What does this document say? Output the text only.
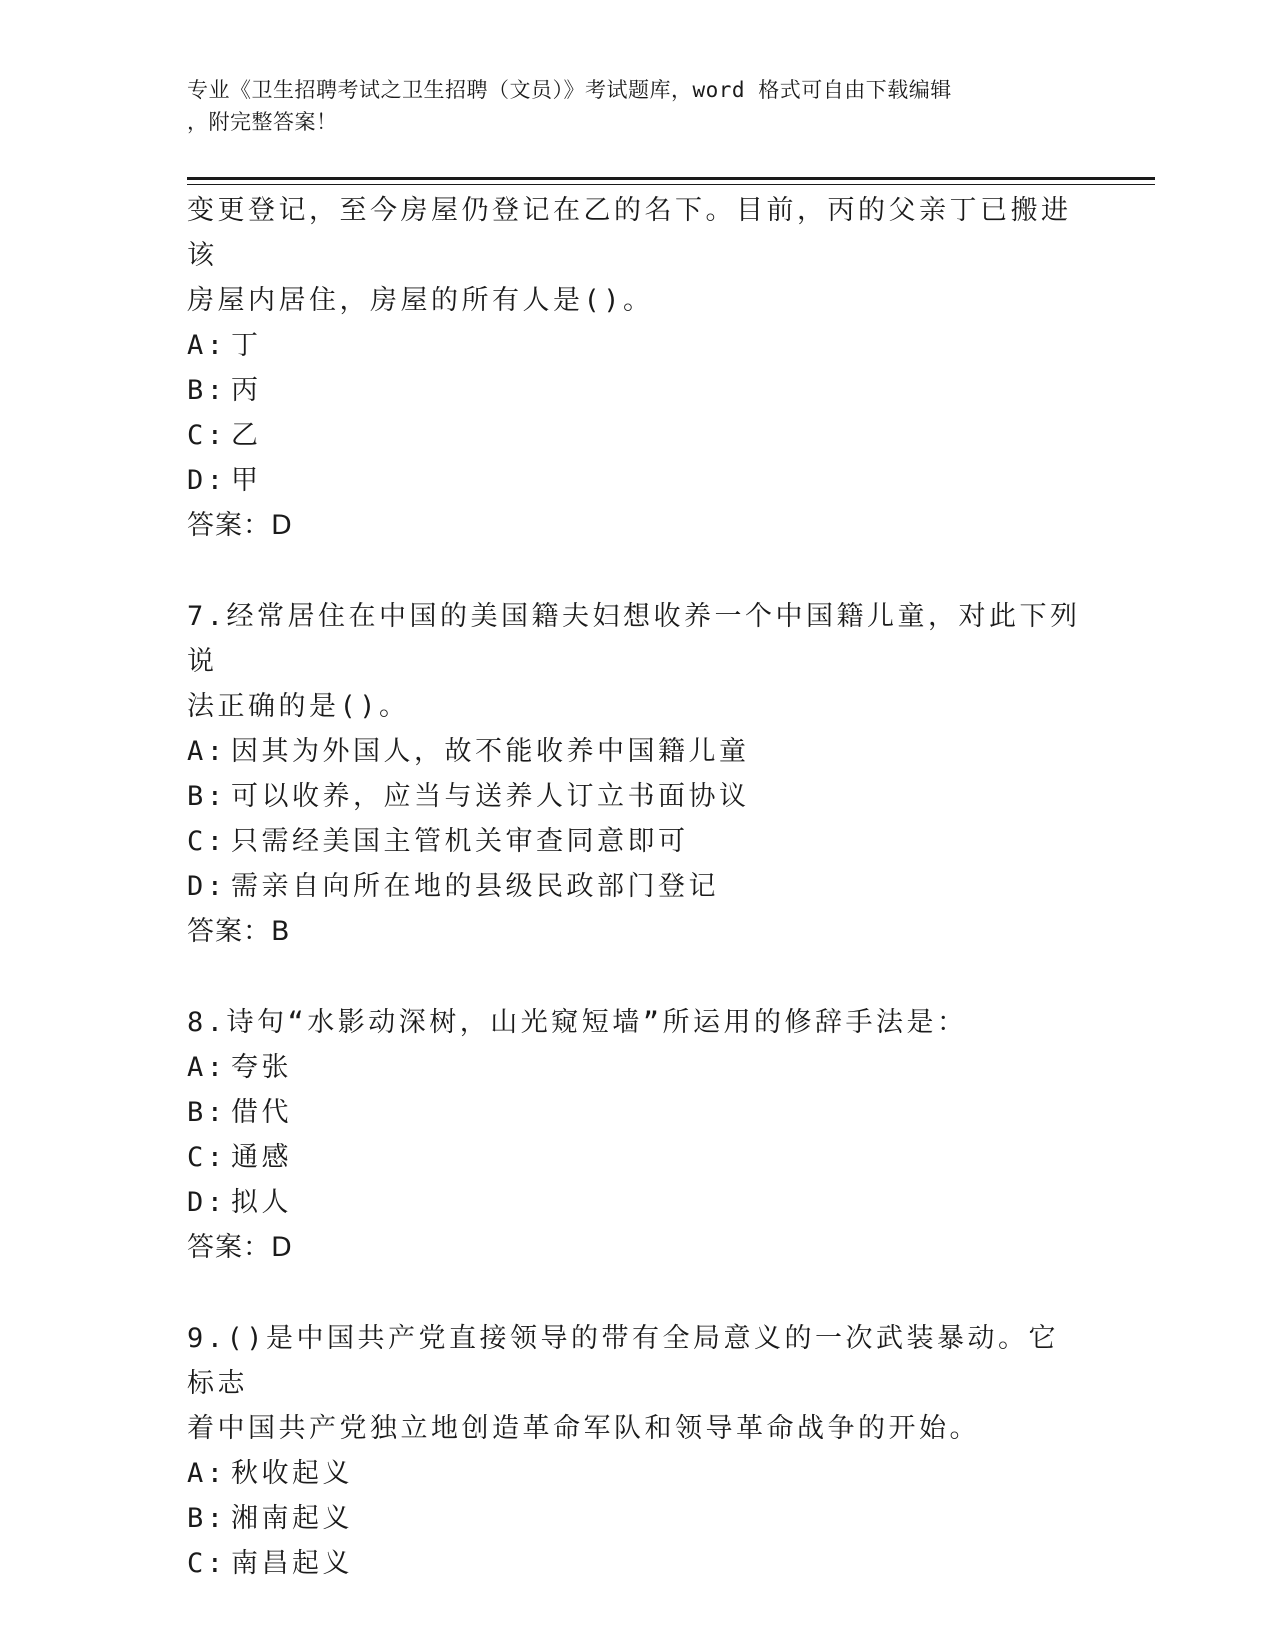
专业《卫生招聘考试之卫生招聘（文员）》考试题库，word 格式可自由下载编辑
，附完整答案！
变更登记，至今房屋仍登记在乙的名下。目前，丙的父亲丁已搬进该
房屋内居住，房屋的所有人是()。
A: 丁
B: 丙
C: 乙
D: 甲
答案：D
7.经常居住在中国的美国籍夫妇想收养一个中国籍儿童，对此下列说
法正确的是()。
A: 因其为外国人，故不能收养中国籍儿童
B: 可以收养，应当与送养人订立书面协议
C: 只需经美国主管机关审查同意即可
D: 需亲自向所在地的县级民政部门登记
答案：B
8.诗句“水影动深树，山光窥短墙”所运用的修辞手法是：
A: 夸张
B: 借代
C: 通感
D: 拟人
答案：D
9.()是中国共产党直接领导的带有全局意义的一次武装暴动。它标志
着中国共产党独立地创造革命军队和领导革命战争的开始。
A: 秋收起义
B: 湘南起义
C: 南昌起义
